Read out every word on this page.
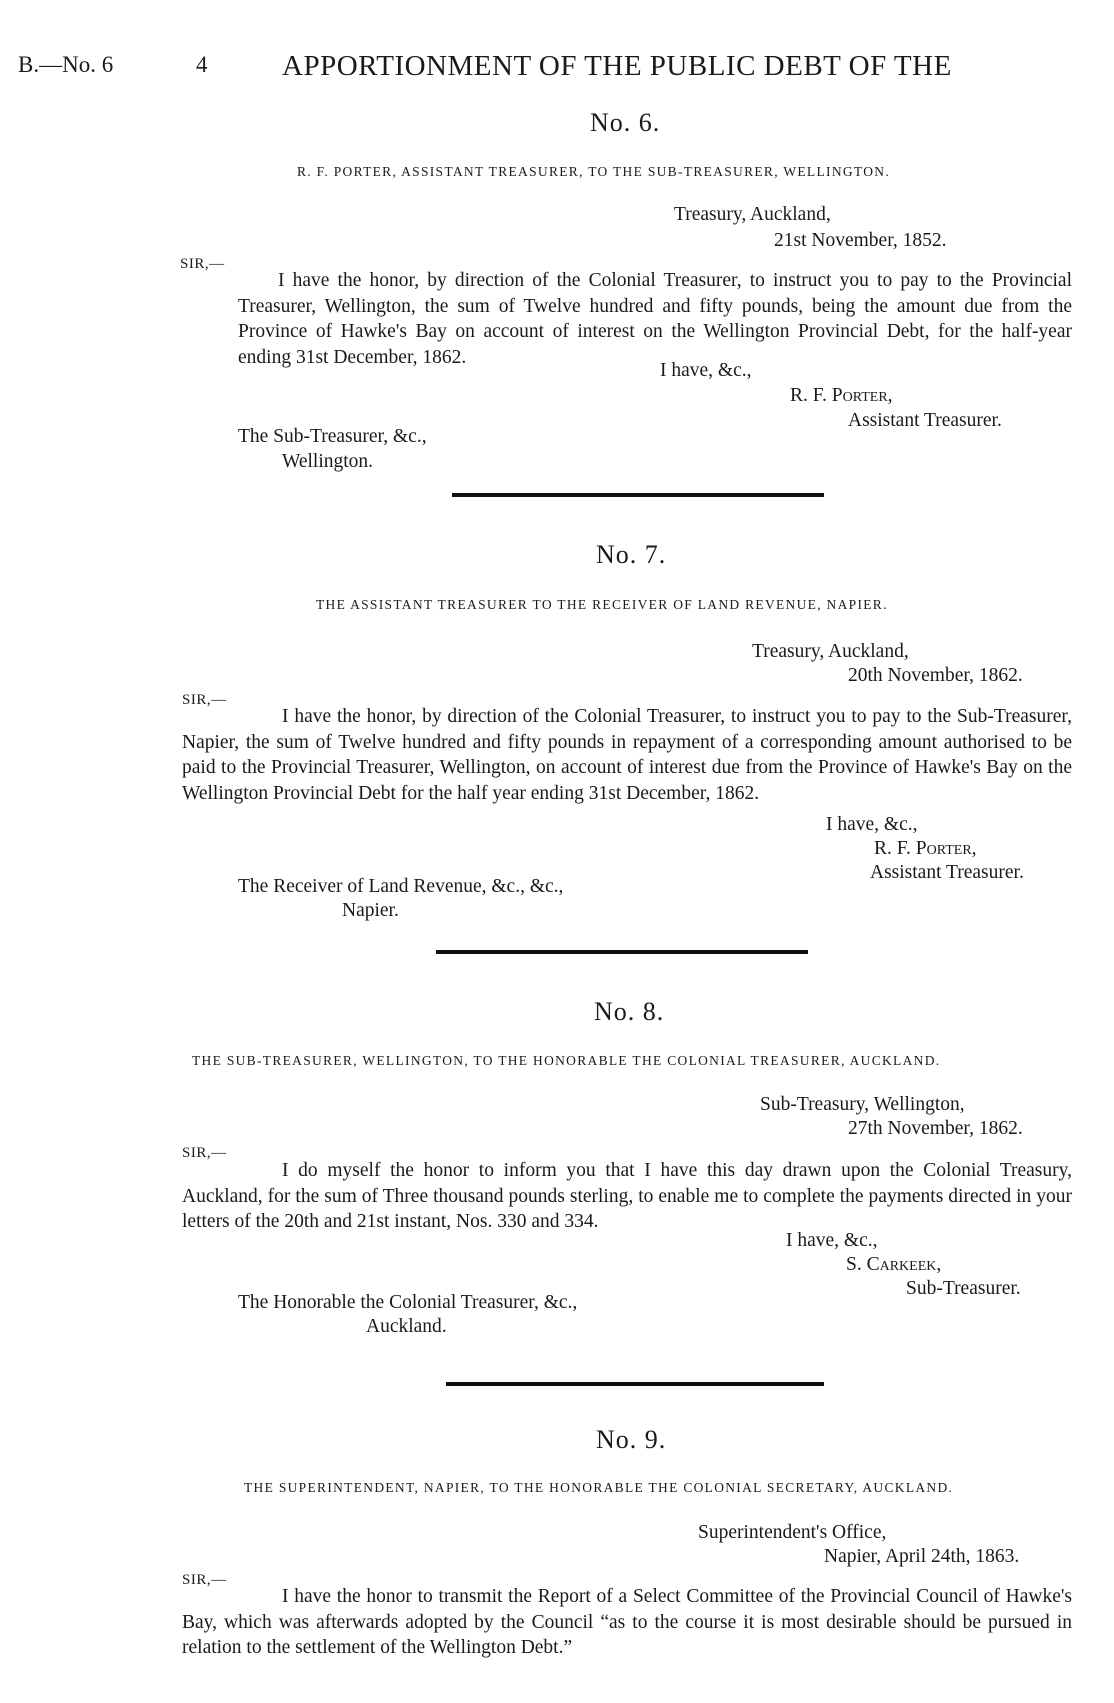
B.—No. 6	4	APPORTIONMENT OF THE PUBLIC DEBT OF THE
No. 6.
R. F. PORTER, ASSISTANT TREASURER, TO THE SUB-TREASURER, WELLINGTON.
Treasury, Auckland,
21st November, 1852.
SIR,—

I have the honor, by direction of the Colonial Treasurer, to instruct you to pay to the Provincial Treasurer, Wellington, the sum of Twelve hundred and fifty pounds, being the amount due from the Province of Hawke's Bay on account of interest on the Wellington Provincial Debt, for the half-year ending 31st December, 1862.

I have, &c.,
R. F. Porter,
Assistant Treasurer.
The Sub-Treasurer, &c.,
Wellington.
No. 7.
THE ASSISTANT TREASURER TO THE RECEIVER OF LAND REVENUE, NAPIER.
Treasury, Auckland,
20th November, 1862.
SIR,—

I have the honor, by direction of the Colonial Treasurer, to instruct you to pay to the Sub-Treasurer, Napier, the sum of Twelve hundred and fifty pounds in repayment of a corresponding amount authorised to be paid to the Provincial Treasurer, Wellington, on account of interest due from the Province of Hawke's Bay on the Wellington Provincial Debt for the half year ending 31st December, 1862.

I have, &c.,
R. F. Porter,
Assistant Treasurer.
The Receiver of Land Revenue, &c., &c.,
Napier.
No. 8.
THE SUB-TREASURER, WELLINGTON, TO THE HONORABLE THE COLONIAL TREASURER, AUCKLAND.
Sub-Treasury, Wellington,
27th November, 1862.
SIR,—

I do myself the honor to inform you that I have this day drawn upon the Colonial Treasury, Auckland, for the sum of Three thousand pounds sterling, to enable me to complete the payments directed in your letters of the 20th and 21st instant, Nos. 330 and 334.

I have, &c.,
S. Carkeek,
Sub-Treasurer.
The Honorable the Colonial Treasurer, &c.,
Auckland.
No. 9.
THE SUPERINTENDENT, NAPIER, TO THE HONORABLE THE COLONIAL SECRETARY, AUCKLAND.
Superintendent's Office,
Napier, April 24th, 1863.
SIR,—

I have the honor to transmit the Report of a Select Committee of the Provincial Council of Hawke's Bay, which was afterwards adopted by the Council “as to the course it is most desirable should be pursued in relation to the settlement of the Wellington Debt.”
